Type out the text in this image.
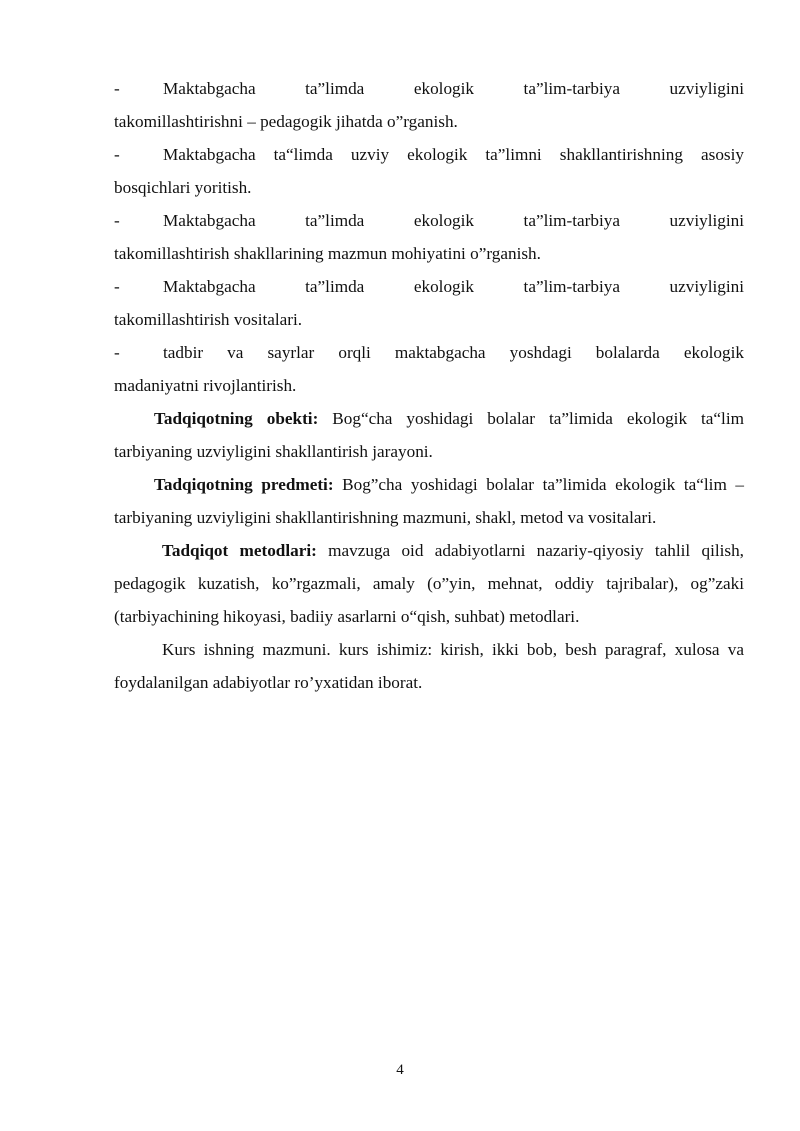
-	Maktabgacha ta”limda ekologik ta”lim-tarbiya uzviyligini
takomillashtirishni – pedagogik jihatda o”rganish.
-	Maktabgacha ta“limda uzviy ekologik ta”limni shakllantirishning asosiy
bosqichlari yoritish.
-	Maktabgacha ta”limda ekologik ta”lim-tarbiya uzviyligini
takomillashtirish shakllarining mazmun mohiyatini o”rganish.
-	Maktabgacha ta”limda ekologik ta”lim-tarbiya uzviyligini
takomillashtirish vositalari.
-	tadbir va sayrlar orqli maktabgacha yoshdagi bolalarda ekologik
madaniyatni rivojlantirish.

Tadqiqotning obekti: Bog“cha yoshidagi bolalar ta”limida ekologik ta“lim tarbiyaning uzviyligini shakllantirish jarayoni.

Tadqiqotning predmeti: Bog”cha yoshidagi bolalar ta”limida ekologik ta“lim – tarbiyaning uzviyligini shakllantirishning mazmuni, shakl, metod va vositalari.

Tadqiqot metodlari: mavzuga oid adabiyotlarni nazariy-qiyosiy tahlil qilish, pedagogik kuzatish, ko”rgazmali, amaly (o”yin, mehnat, oddiy tajribalar), og”zaki (tarbiyachining hikoyasi, badiiy asarlarni o“qish, suhbat) metodlari.

Kurs ishning mazmuni. kurs ishimiz: kirish, ikki bob, besh paragraf, xulosa va foydalanilgan adabiyotlar ro’yxatidan iborat.

4
